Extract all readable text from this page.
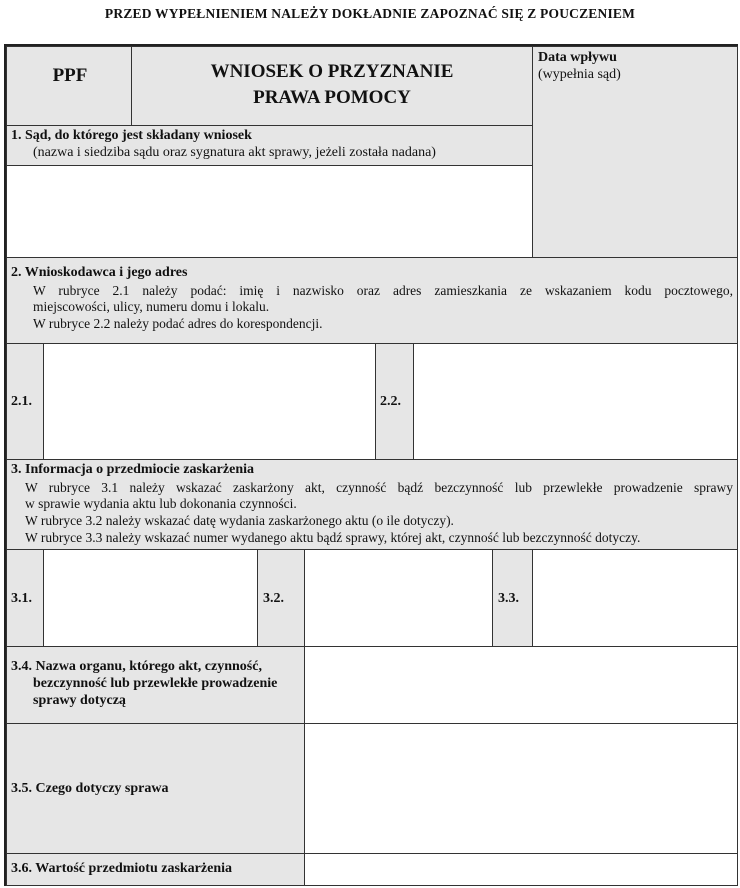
PRZED WYPEŁNIENIEM NALEŻY DOKŁADNIE ZAPOZNAĆ SIĘ Z POUCZENIEM
PPF	WNIOSEK O PRZYZNANIE
PRAWA POMOCY
Data wpływu
(wypełnia sąd)
1. Sąd, do którego jest składany wniosek
(nazwa i siedziba sądu oraz sygnatura akt sprawy, jeżeli została nadana)
2. Wnioskodawca i jego adres
W rubryce 2.1 należy podać: imię i nazwisko oraz adres zamieszkania ze wskazaniem kodu pocztowego,
miejscowości, ulicy, numeru domu i lokalu.
W rubryce 2.2 należy podać adres do korespondencji.
2.1.	2.2.
3. Informacja o przedmiocie zaskarżenia
W rubryce 3.1 należy wskazać zaskarżony akt, czynność bądź bezczynność lub przewlekłe prowadzenie sprawy
w sprawie wydania aktu lub dokonania czynności.
W rubryce 3.2 należy wskazać datę wydania zaskarżonego aktu (o ile dotyczy).
W rubryce 3.3 należy wskazać numer wydanego aktu bądź sprawy, której akt, czynność lub bezczynność dotyczy.
3.1.	3.2.	3.3.
3.4. Nazwa organu, którego akt, czynność,
bezczynność lub przewlekłe prowadzenie
sprawy dotyczą
3.5. Czego dotyczy sprawa
3.6. Wartość przedmiotu zaskarżenia
